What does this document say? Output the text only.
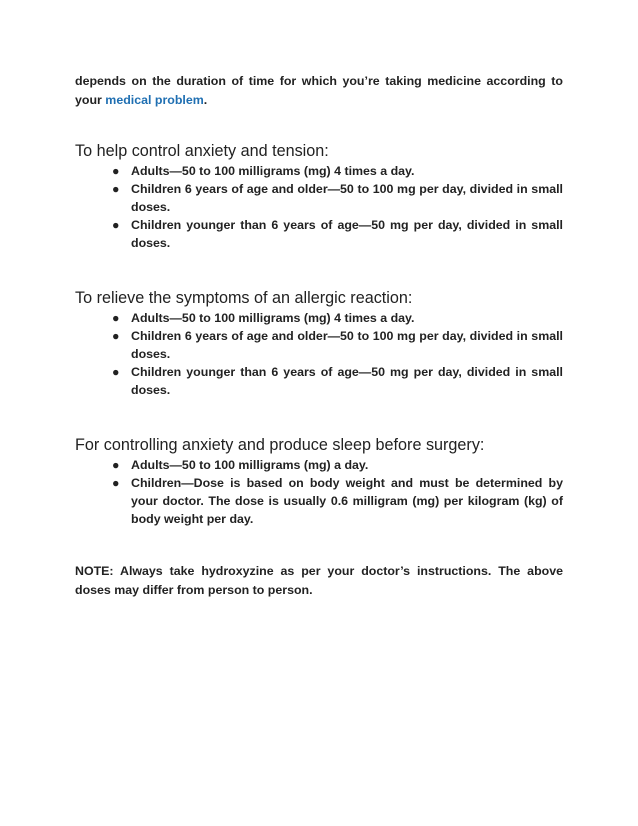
depends on the duration of time for which you’re taking medicine according to your medical problem.

To help control anxiety and tension:
● Adults—50 to 100 milligrams (mg) 4 times a day.
● Children 6 years of age and older—50 to 100 mg per day, divided in small doses.
● Children younger than 6 years of age—50 mg per day, divided in small doses.
To relieve the symptoms of an allergic reaction:
● Adults—50 to 100 milligrams (mg) 4 times a day.
● Children 6 years of age and older—50 to 100 mg per day, divided in small doses.
● Children younger than 6 years of age—50 mg per day, divided in small doses.
For controlling anxiety and produce sleep before surgery:
● Adults—50 to 100 milligrams (mg) a day.
● Children—Dose is based on body weight and must be determined by your doctor. The dose is usually 0.6 milligram (mg) per kilogram (kg) of body weight per day.

NOTE: Always take hydroxyzine as per your doctor’s instructions. The above doses may differ from person to person.
